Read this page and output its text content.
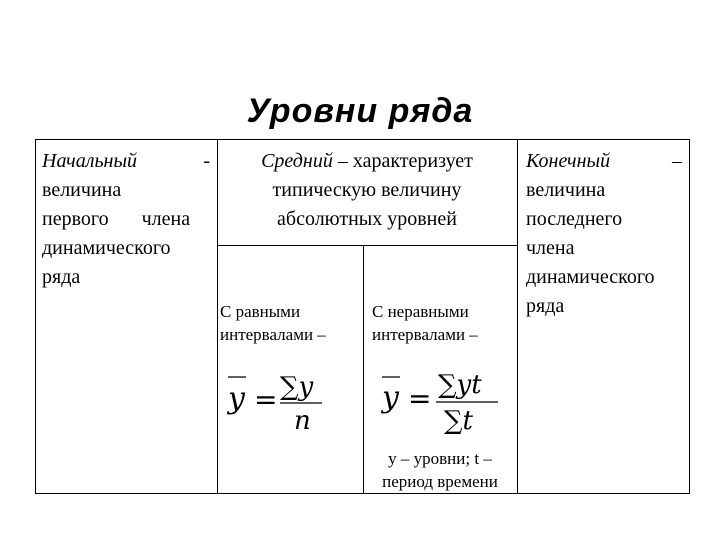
Уровни ряда
Начальный	-
величина
первого члена
динамического
ряда
Средний – характеризует
типическую величину
абсолютных уровней
С равными
интервалами –
y = ∑y
n
С неравными
интервалами –
y = ∑yt
∑t
y – уровни; t –
период времени
Конечный	–
величина
последнего
члена
динамического
ряда
